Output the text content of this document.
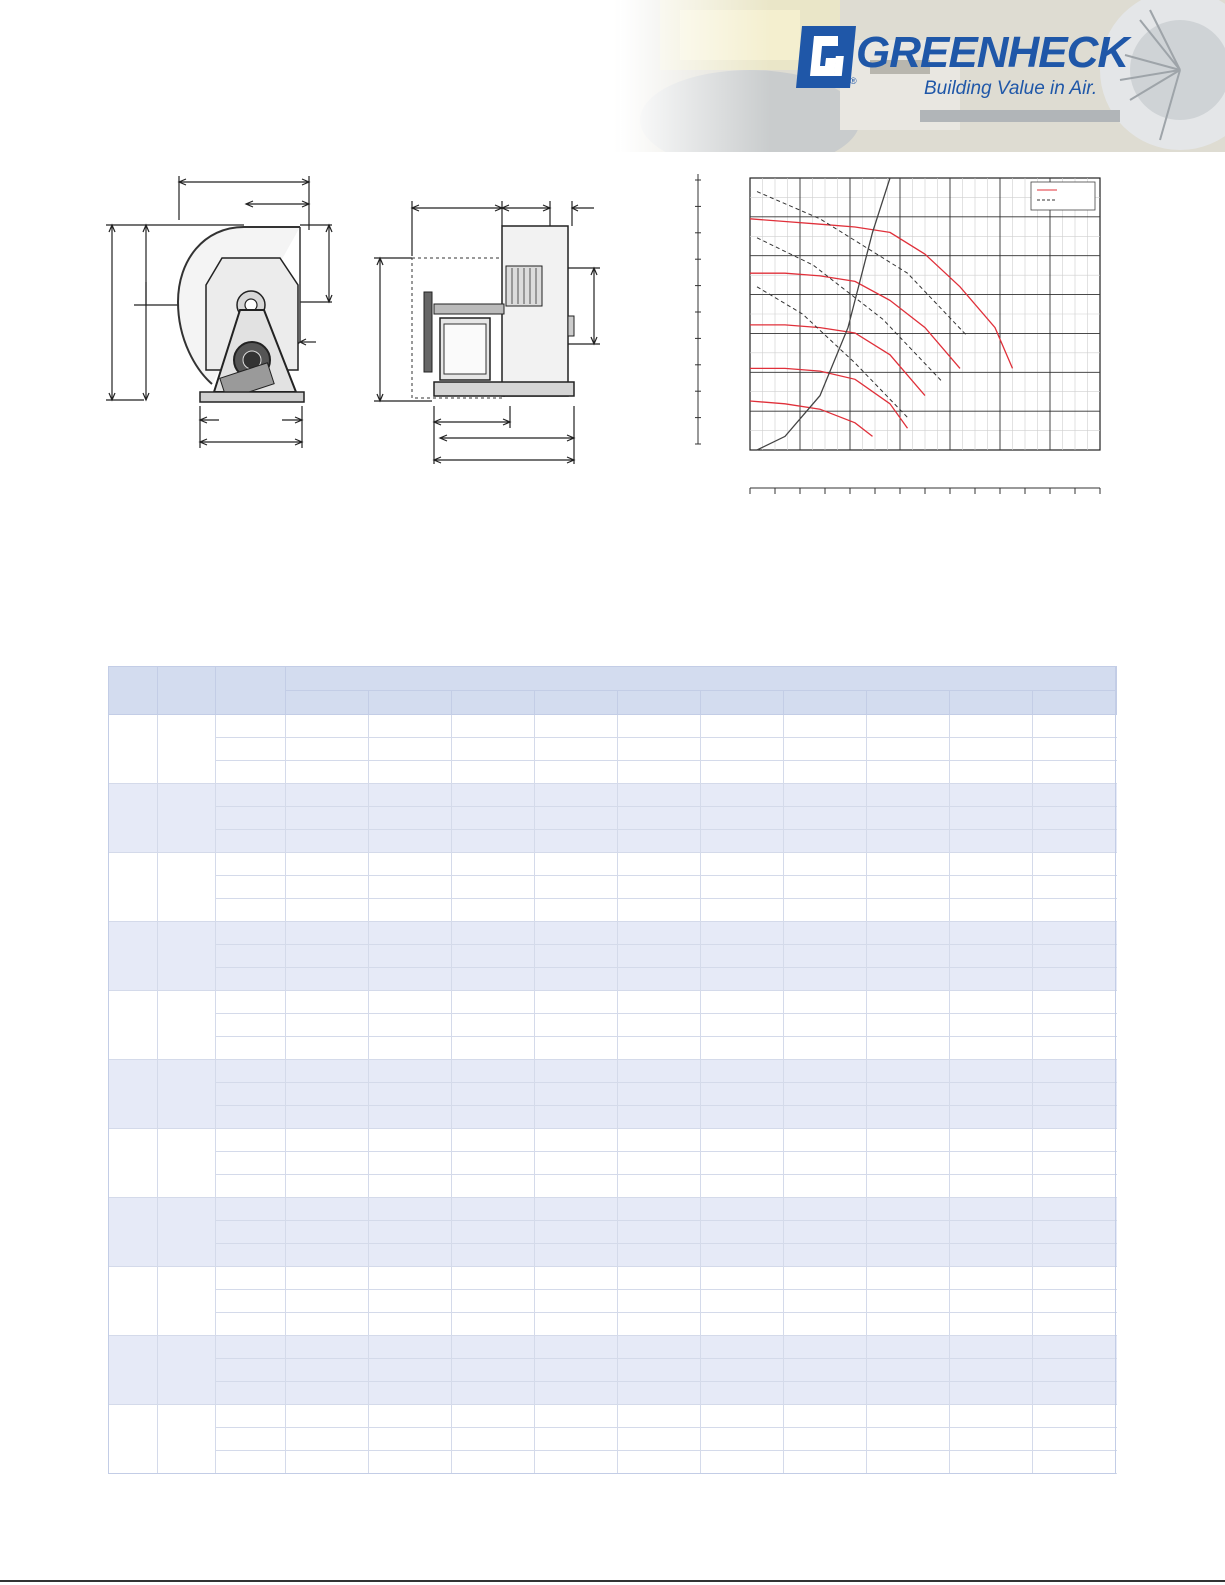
®
GREENHECK
Building Value in Air.
